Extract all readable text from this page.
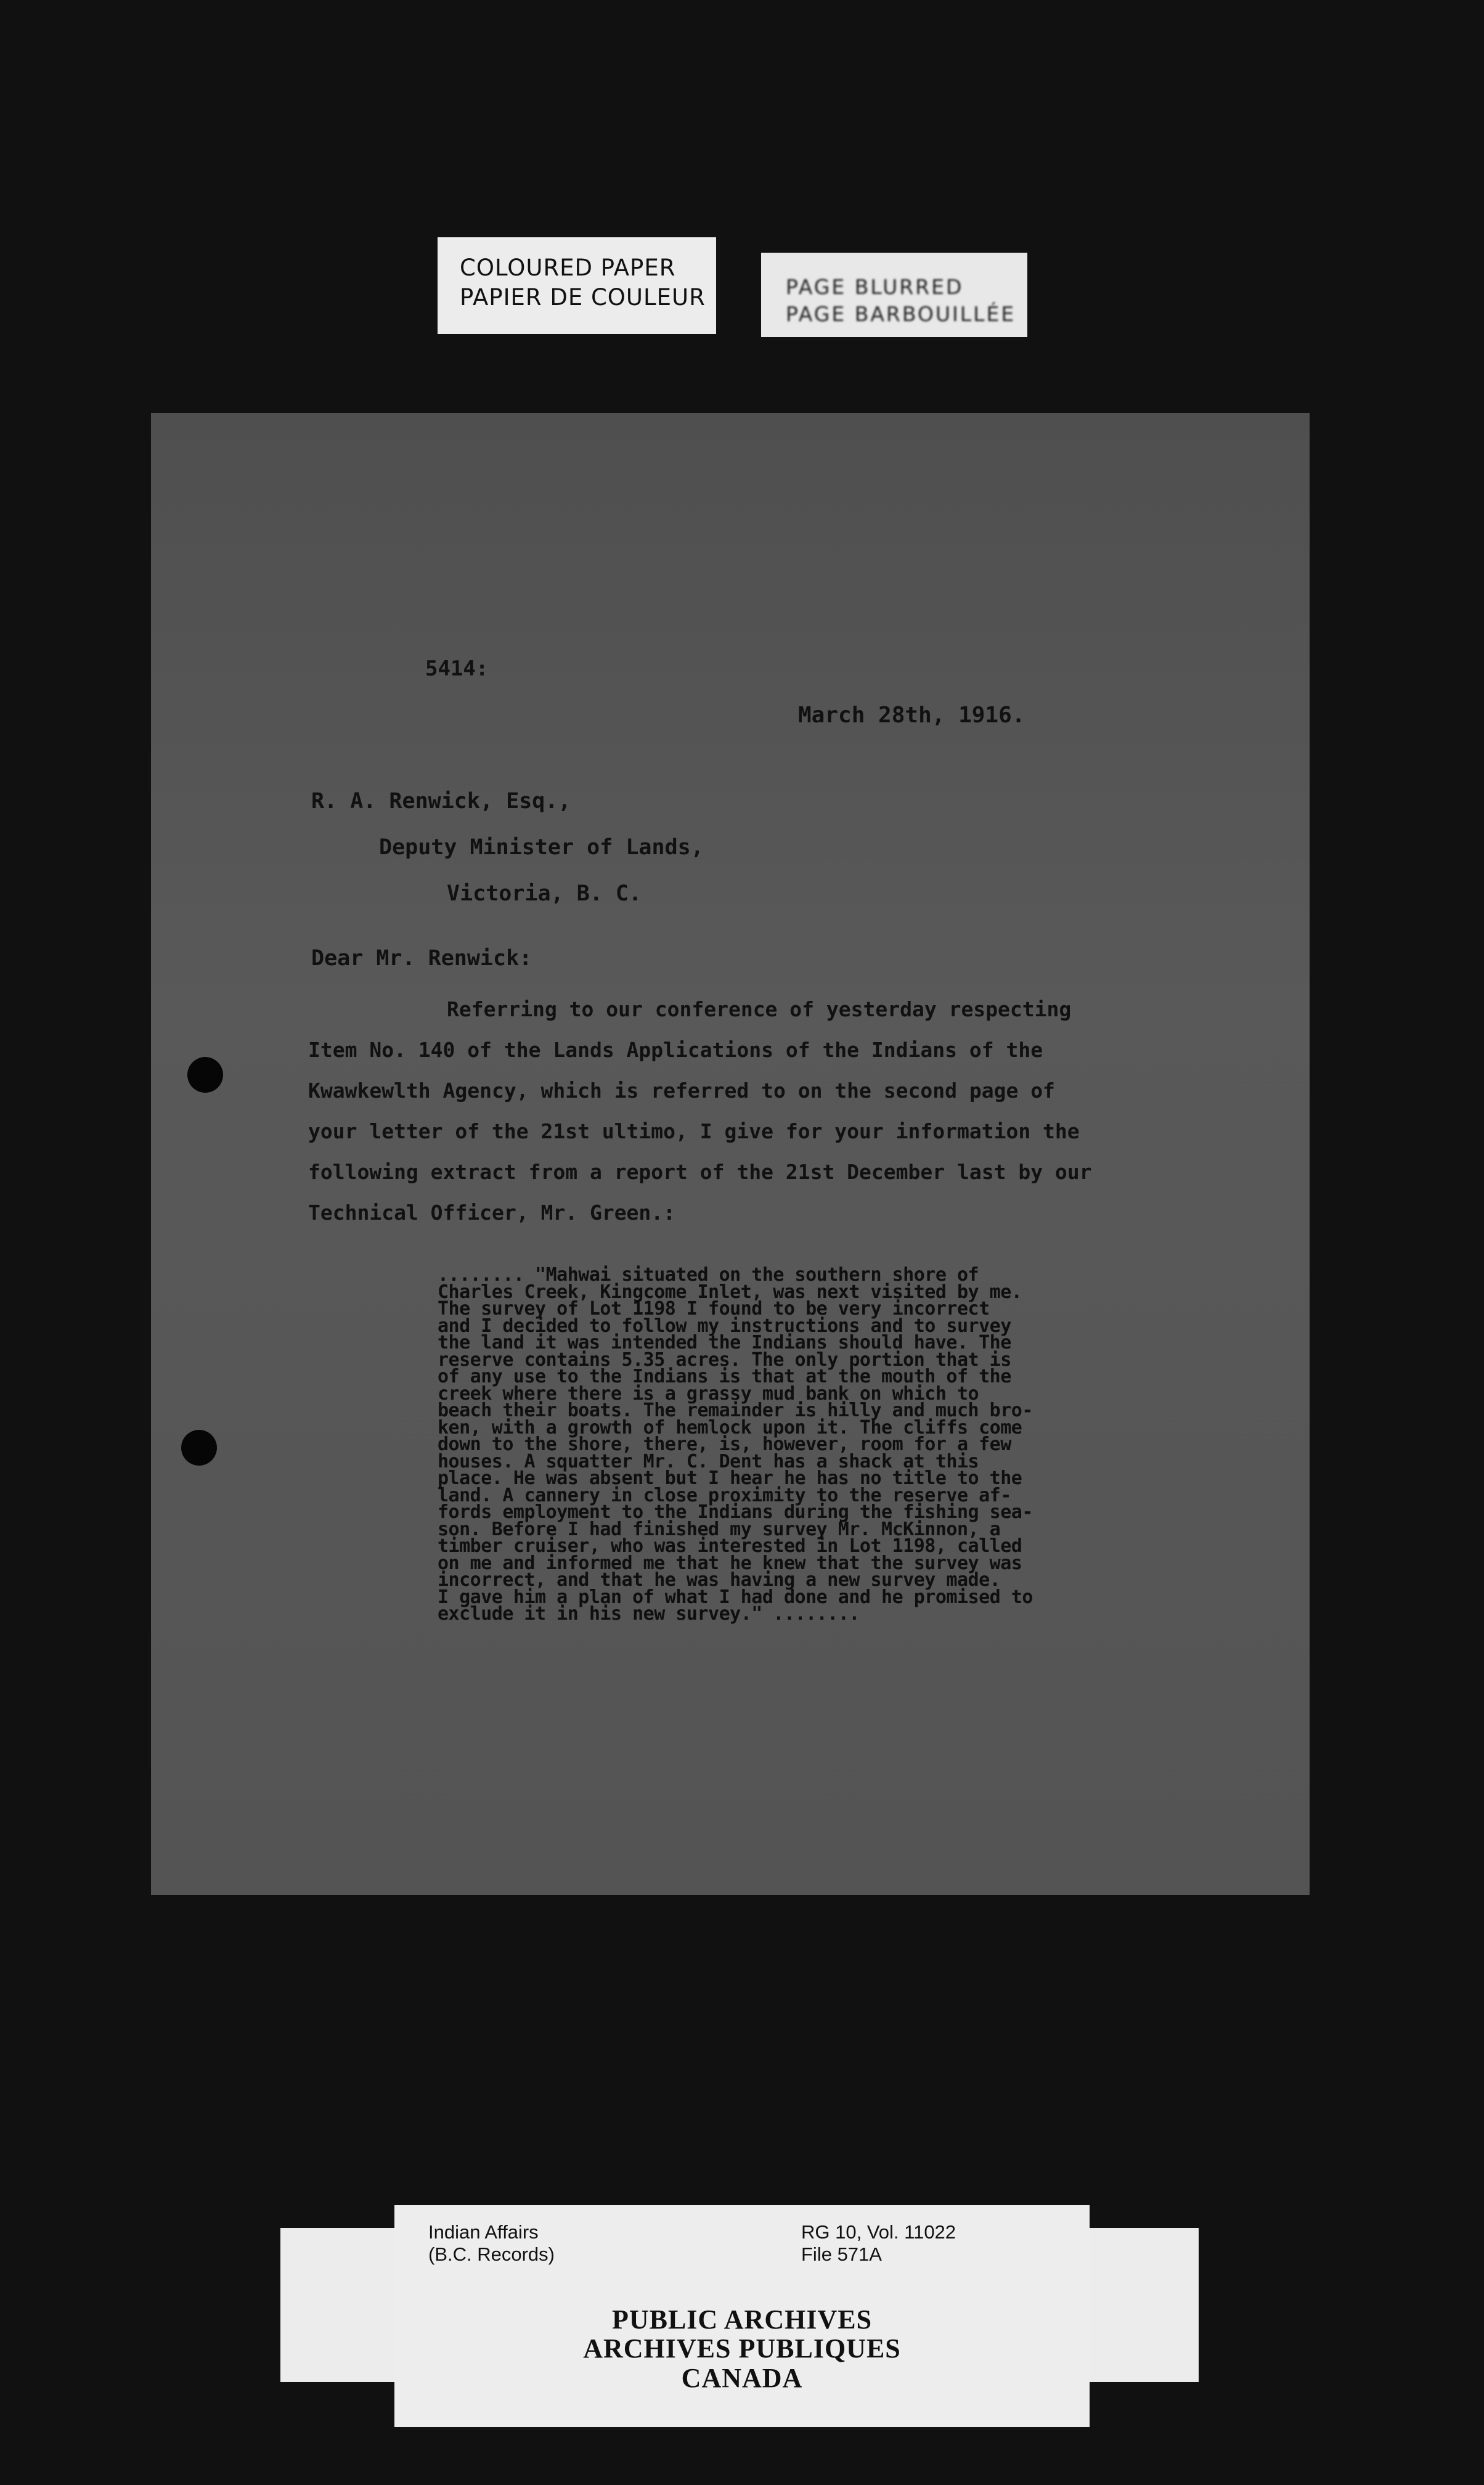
COLOURED PAPER
PAPIER DE COULEUR	PAGE BLURRED
PAGE BARBOUILLÉE
5414:
March 28th, 1916.
R. A. Renwick, Esq.,
Deputy Minister of Lands,
Victoria, B. C.
Dear Mr. Renwick:
Referring to our conference of yesterday respecting
Item No. 140 of the Lands Applications of the Indians of the
Kwawkewlth Agency, which is referred to on the second page of
your letter of the 21st ultimo, I give for your information the
following extract from a report of the 21st December last by our
Technical Officer, Mr. Green.:
........ "Mahwai situated on the southern shore of
Charles Creek, Kingcome Inlet, was next visited by me.
The survey of Lot 1198 I found to be very incorrect
and I decided to follow my instructions and to survey
the land it was intended the Indians should have. The
reserve contains 5.35 acres. The only portion that is
of any use to the Indians is that at the mouth of the
creek where there is a grassy mud bank on which to
beach their boats. The remainder is hilly and much bro-
ken, with a growth of hemlock upon it. The cliffs come
down to the shore, there, is, however, room for a few
houses. A squatter Mr. C. Dent has a shack at this
place. He was absent but I hear he has no title to the
land. A cannery in close proximity to the reserve af-
fords employment to the Indians during the fishing sea-
son. Before I had finished my survey Mr. McKinnon, a
timber cruiser, who was interested in Lot 1198, called
on me and informed me that he knew that the survey was
incorrect, and that he was having a new survey made.
I gave him a plan of what I had done and he promised to
exclude it in his new survey." ........
Indian Affairs
(B.C. Records)
RG 10, Vol. 11022
File 571A
PUBLIC ARCHIVES
ARCHIVES PUBLIQUES
CANADA
